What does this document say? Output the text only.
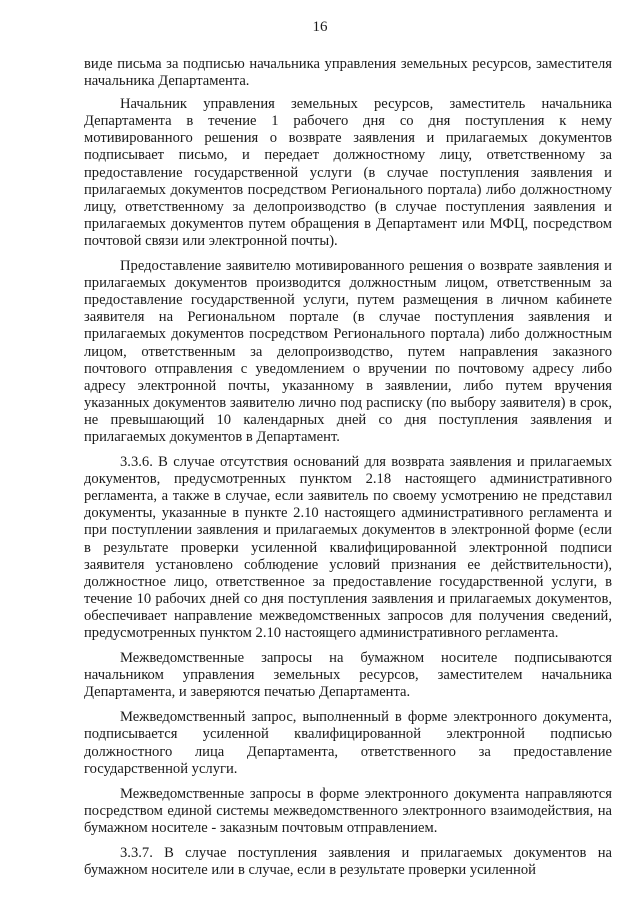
16

виде письма за подписью начальника управления земельных ресурсов, заместителя начальника Департамента.

Начальник управления земельных ресурсов, заместитель начальника Департамента в течение 1 рабочего дня со дня поступления к нему мотивированного решения о возврате заявления и прилагаемых документов подписывает письмо, и передает должностному лицу, ответственному за предоставление государственной услуги (в случае поступления заявления и прилагаемых документов посредством Регионального портала) либо должностному лицу, ответственному за делопроизводство (в случае поступления заявления и прилагаемых документов путем обращения в Департамент или МФЦ, посредством почтовой связи или электронной почты).

Предоставление заявителю мотивированного решения о возврате заявления и прилагаемых документов производится должностным лицом, ответственным за предоставление государственной услуги, путем размещения в личном кабинете заявителя на Региональном портале (в случае поступления заявления и прилагаемых документов посредством Регионального портала) либо должностным лицом, ответственным за делопроизводство, путем направления заказного почтового отправления с уведомлением о вручении по почтовому адресу либо адресу электронной почты, указанному в заявлении, либо путем вручения указанных документов заявителю лично под расписку (по выбору заявителя) в срок, не превышающий 10 календарных дней со дня поступления заявления и прилагаемых документов в Департамент.

3.3.6. В случае отсутствия оснований для возврата заявления и прилагаемых документов, предусмотренных пунктом 2.18 настоящего административного регламента, а также в случае, если заявитель по своему усмотрению не представил документы, указанные в пункте 2.10 настоящего административного регламента и при поступлении заявления и прилагаемых документов в электронной форме (если в результате проверки усиленной квалифицированной электронной подписи заявителя установлено соблюдение условий признания ее действительности), должностное лицо, ответственное за предоставление государственной услуги, в течение 10 рабочих дней со дня поступления заявления и прилагаемых документов, обеспечивает направление межведомственных запросов для получения сведений, предусмотренных пунктом 2.10 настоящего административного регламента.

Межведомственные запросы на бумажном носителе подписываются начальником управления земельных ресурсов, заместителем начальника Департамента, и заверяются печатью Департамента.

Межведомственный запрос, выполненный в форме электронного документа, подписывается усиленной квалифицированной электронной подписью должностного лица Департамента, ответственного за предоставление государственной услуги.

Межведомственные запросы в форме электронного документа направляются посредством единой системы межведомственного электронного взаимодействия, на бумажном носителе - заказным почтовым отправлением.

3.3.7. В случае поступления заявления и прилагаемых документов на бумажном носителе или в случае, если в результате проверки усиленной
